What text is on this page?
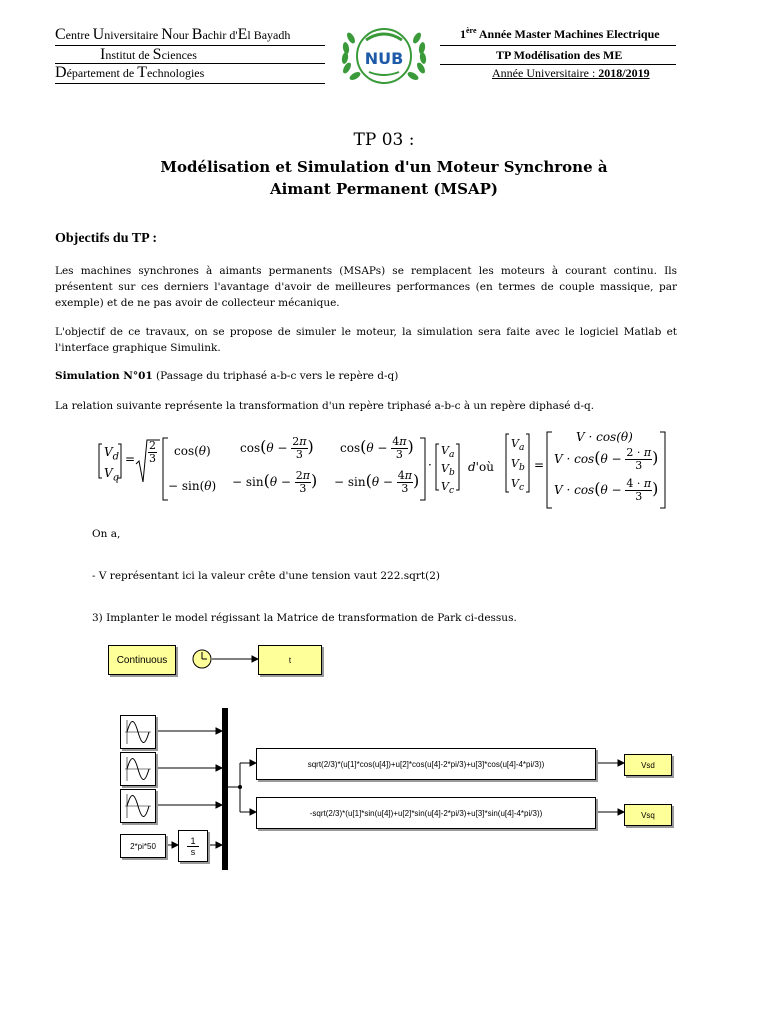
Centre Universitaire Nour Bachir d'El Bayadh
Institut de Sciences
Département de Technologies
NUB
1ère Année Master Machines Electrique
TP Modélisation des ME
Année Universitaire : 2018/2019
TP 03 :
Modélisation et Simulation d'un Moteur Synchrone à
Aimant Permanent (MSAP)
Objectifs du TP :
Les machines synchrones à aimants permanents (MSAPs) se remplacent les moteurs à courant continu. Ils présentent sur ces derniers l'avantage d'avoir de meilleures performances (en termes de couple massique, par exemple) et de ne pas avoir de collecteur mécanique.
L'objectif de ce travaux, on se propose de simuler le moteur, la simulation sera faite avec le logiciel Matlab et l'interface graphique Simulink.
Simulation N°01 (Passage du triphasé a-b-c vers le repère d-q)
La relation suivante représente la transformation d'un repère triphasé a-b-c à un repère diphasé d-q.
$V_d$
$V_q$
= $\frac{2}{3} \cos(\theta) \cos(\theta - \frac{2\pi}{3}$ ) $\cos(\theta - \frac{4\pi}{3}$ )
− $\sin(\theta) - \sin(\theta - \frac{2\pi}{3}$ ) − $\sin(\theta - \frac{4\pi}{3}$ )
·
$V_a$
$V_b$
$V_c$
d'où
$V_a$
$V_b$
$V_c$
=
V · cos(θ)
$V \cdot \cos(\theta - \frac{2 \cdot \pi}{3}$ )
$V \cdot \cos(\theta - \frac{4 \cdot \pi}{3}$ )
On a,
- V représentant ici la valeur crête d'une tension vaut 222.sqrt(2)
3) Implanter le model régissant la Matrice de transformation de Park ci-dessus.
Continuous	t
2*pi*50
1
s
sqrt(2/3)*(u[1]*cos(u[4])+u[2]*cos(u[4]-2*pi/3)+u[3]*cos(u[4]-4*pi/3))
-sqrt(2/3)*(u[1]*sin(u[4])+u[2]*sin(u[4]-2*pi/3)+u[3]*sin(u[4]-4*pi/3))
Vsd
Vsq
